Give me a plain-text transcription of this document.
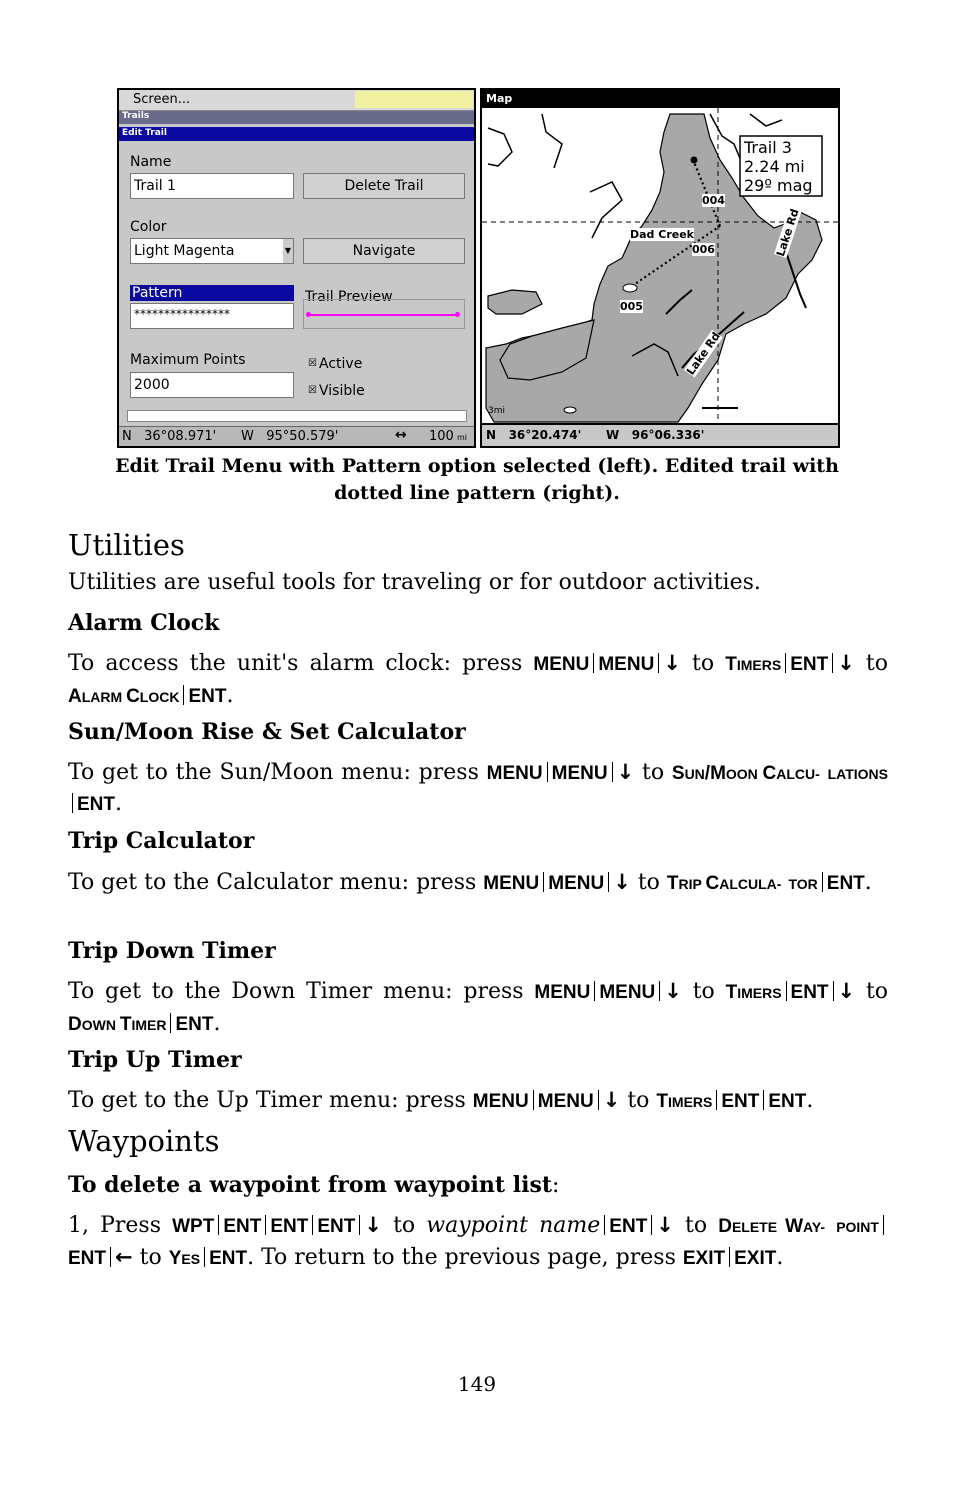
Screen...
Trails
Edit Trail
Name
Trail 1	Delete Trail
Color
Light Magenta	▼	Navigate
Pattern
****************
Trail Preview
Maximum Points
2000
☒ Active
☒ Visible
N   36°08.971' W   95°50.579'	↔ 100 mi
Map
Trail 3
2.24 mi
29º mag
Dad Creek
006
004
005
Lake Rd
Lake Rd
3mi
N   36°20.474' W   96°06.336'
Edit Trail Menu with Pattern option selected (left). Edited trail with
dotted line pattern (right).
Utilities
Utilities are useful tools for traveling or for outdoor activities.
Alarm Clock
To access the unit's alarm clock: press MENU MENU ↓ to TIMERS ENT ↓ to ALARM CLOCK ENT.
Sun/Moon Rise & Set Calculator
To get to the Sun/Moon menu: press MENU MENU ↓ to SUN/MOON CALCU- LATIONSENT.
Trip Calculator
To get to the Calculator menu: press MENU MENU ↓ to TRIP CALCULA- TOR ENT.
Trip Down Timer
To get to the Down Timer menu: press MENU MENU ↓ to TIMERS ENT ↓ to DOWN TIMER ENT.
Trip Up Timer
To get to the Up Timer menu: press MENU MENU ↓ to TIMERS ENT ENT.
Waypoints
To delete a waypoint from waypoint list:
1, Press WPT ENT ENT ENT ↓ to waypoint name ENT ↓ to DELETE WAY- POINTENT ← to YES ENT. To return to the previous page, press EXIT EXIT.
149
